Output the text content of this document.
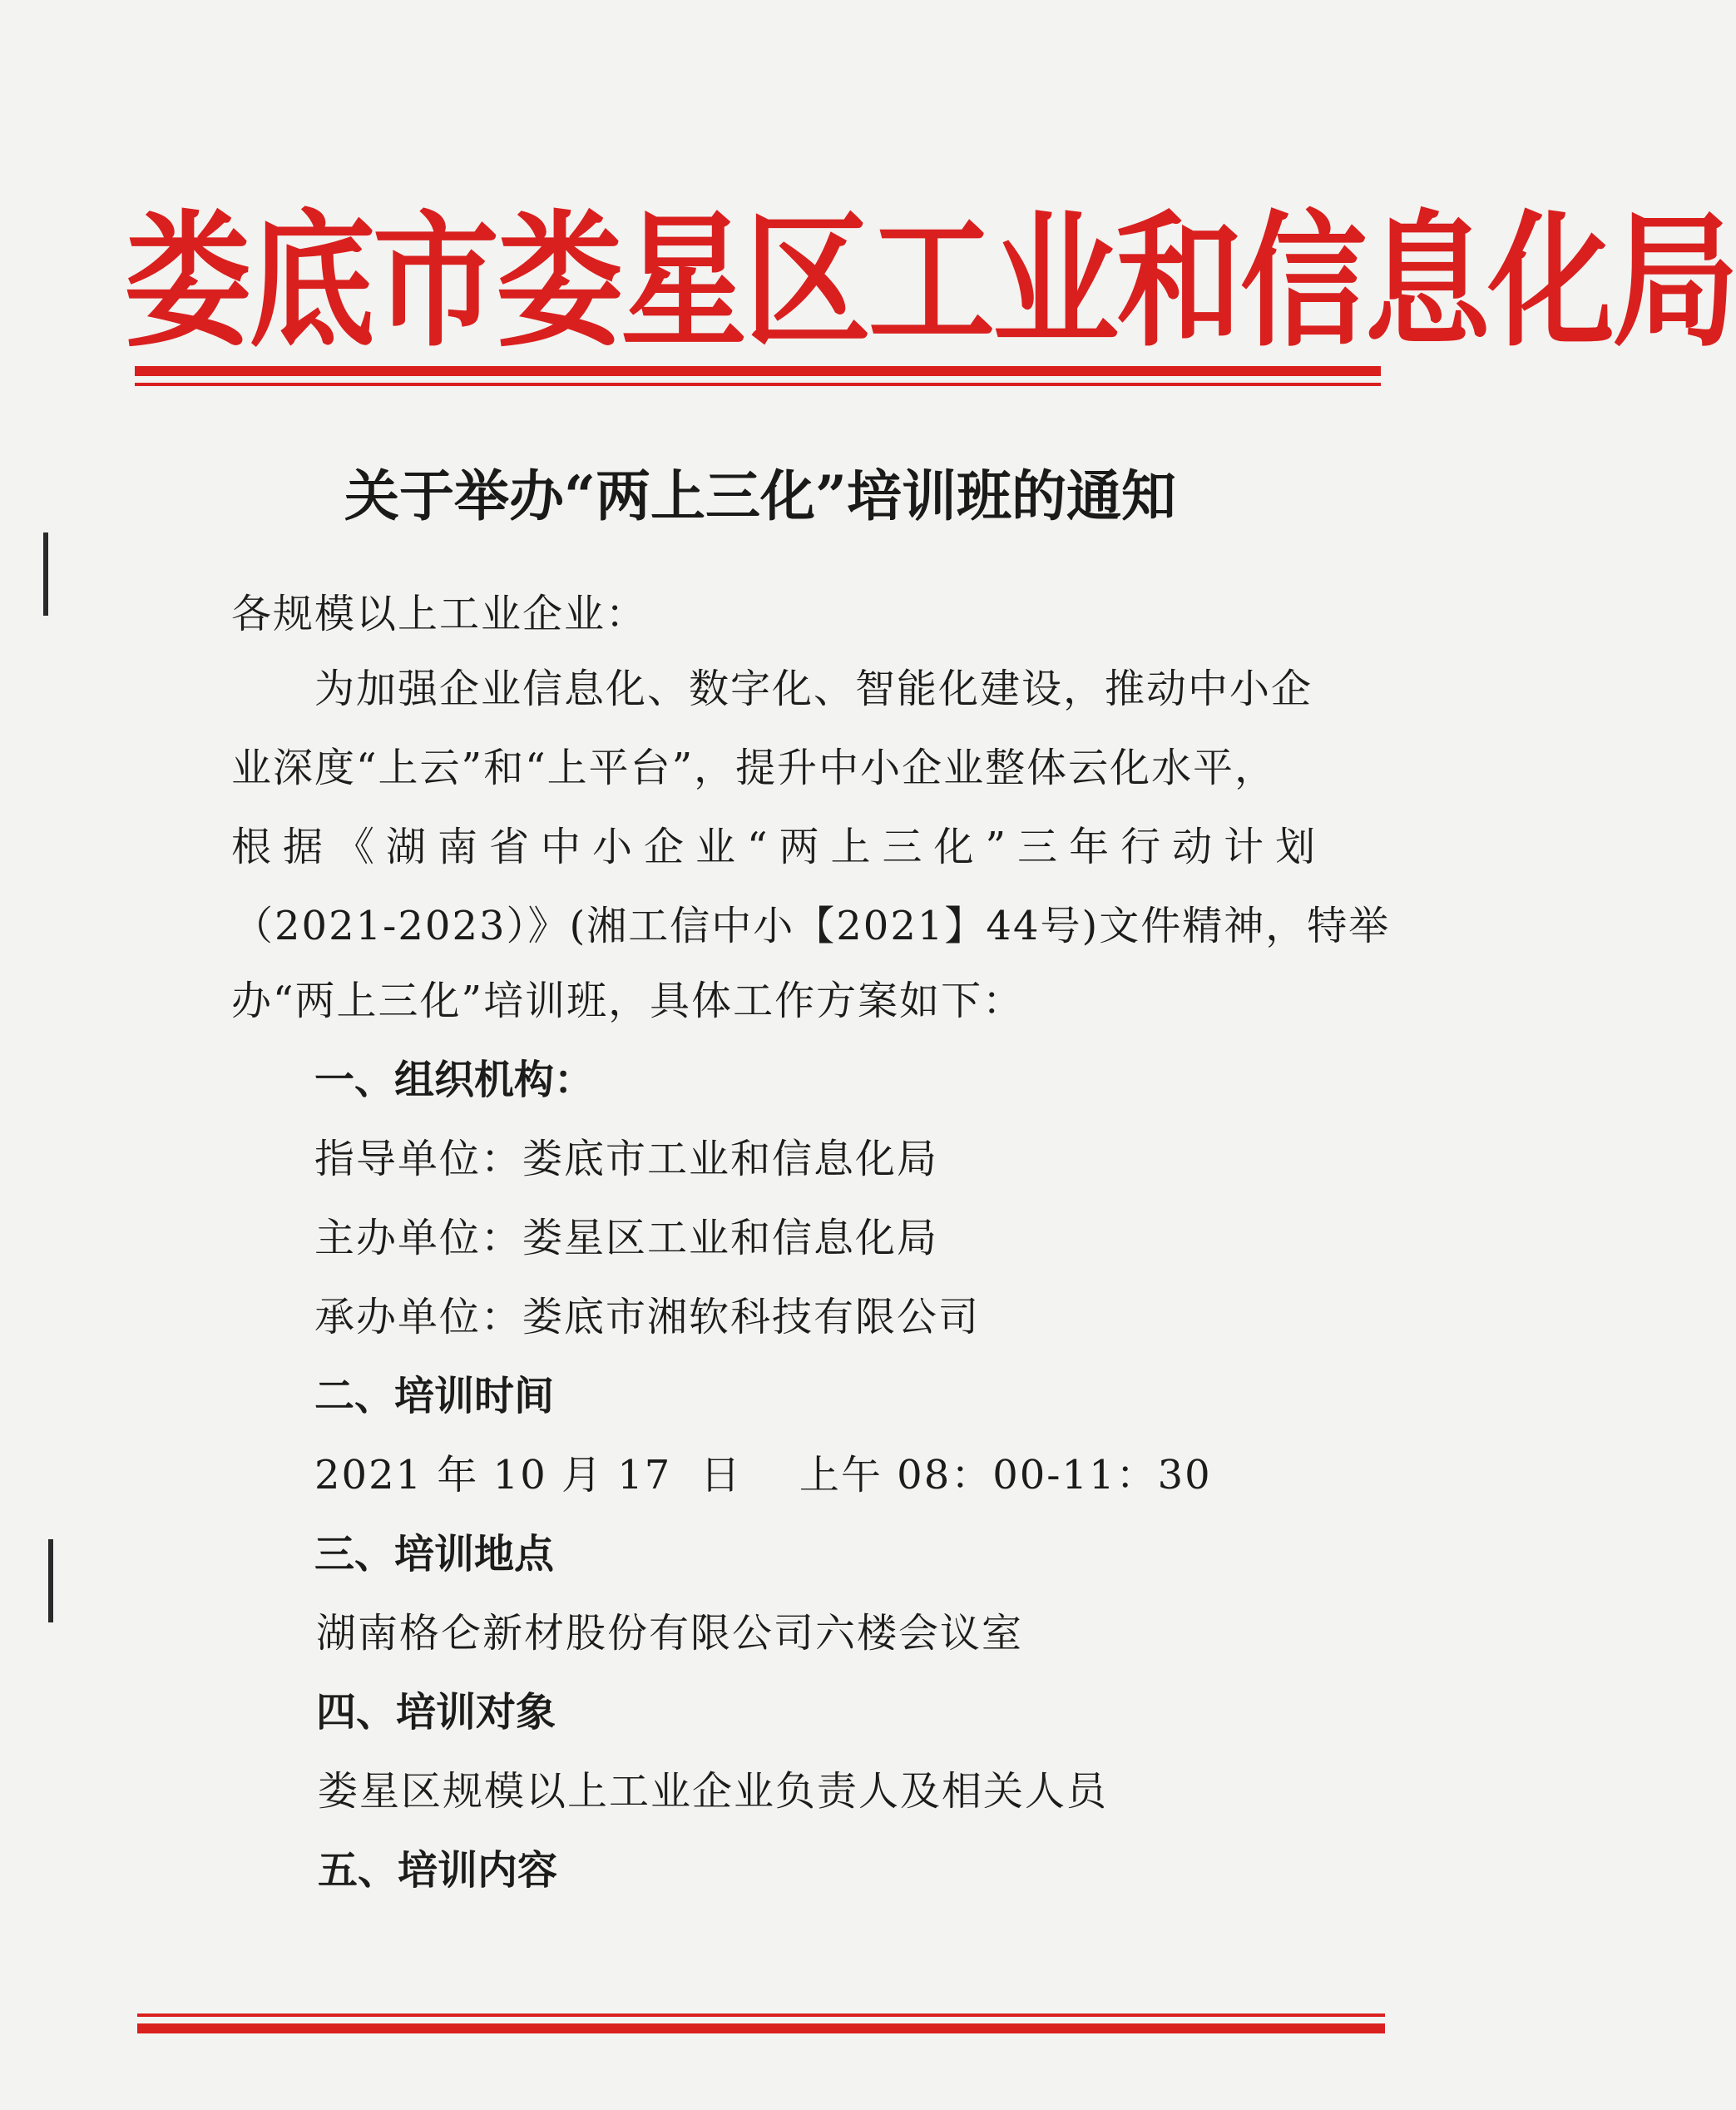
娄底市娄星区工业和信息化局
关于举办“两上三化”培训班的通知
各规模以上工业企业：
为加强企业信息化、数字化、智能化建设，推动中小企
业深度“上云”和“上平台”，提升中小企业整体云化水平，
根据《湖南省中小企业“两上三化”三年行动计划
（2021-2023）》(湘工信中小【2021】44号)文件精神，特举
办“两上三化”培训班，具体工作方案如下：
一、组织机构：
指导单位：娄底市工业和信息化局
主办单位：娄星区工业和信息化局
承办单位：娄底市湘软科技有限公司
二、培训时间
2021 年 10 月 17  日    上午 08：00-11：30
三、培训地点
湖南格仑新材股份有限公司六楼会议室
四、培训对象
娄星区规模以上工业企业负责人及相关人员
五、培训内容
